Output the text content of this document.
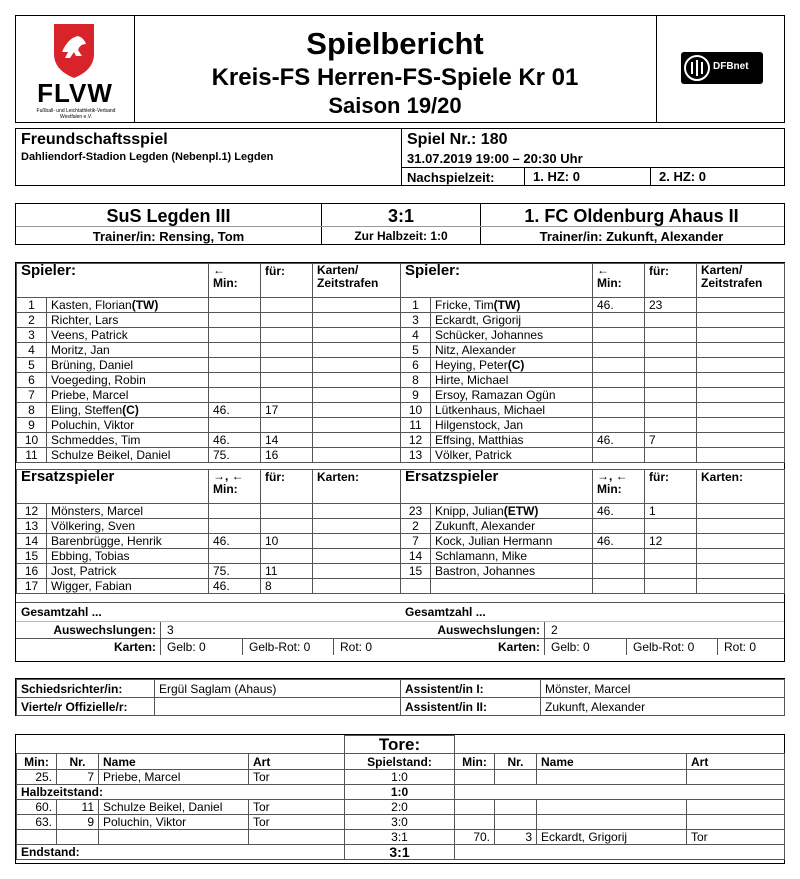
FLVW
Fußball- und Leichtathletik-Verband Westfalen e.V.
Spielbericht
Kreis-FS Herren-FS-Spiele Kr 01
Saison 19/20
DFBnet
Freundschaftsspiel
Dahliendorf-Stadion Legden (Nebenpl.1) Legden
Spiel Nr.: 180
31.07.2019 19:00 – 20:30 Uhr
Nachspielzeit:	1. HZ: 0	2. HZ: 0
SuS Legden III
Trainer/in: Rensing, Tom
3:1
Zur Halbzeit: 1:0
1. FC Oldenburg Ahaus II
Trainer/in: Zukunft, Alexander
Spieler:		←
Min:	für:	Karten/
Zeitstrafen
1	Kasten, Florian(TW)			
2	Richter, Lars			
3	Veens, Patrick			
4	Moritz, Jan			
5	Brüning, Daniel			
6	Voegeding, Robin			
7	Priebe, Marcel			
8	Eling, Steffen(C)	46.	17	
9	Poluchin, Viktor			
10	Schmeddes, Tim	46.	14	
11	Schulze Beikel, Daniel	75.	16	

Ersatzspieler		→, ←
Min:	für:	Karten:
12	Mönsters, Marcel			
13	Völkering, Sven			
14	Barenbrügge, Henrik	46.	10	
15	Ebbing, Tobias			
16	Jost, Patrick	75.	11	
17	Wigger, Fabian	46.	8	

Gesamtzahl ...
Auswechslungen: 3
Karten: Gelb: 0	Gelb-Rot: 0	Rot: 0
Spieler:		←
Min:	für:	Karten/
Zeitstrafen
1	Fricke, Tim(TW)	46.	23	
3	Eckardt, Grigorij			
4	Schücker, Johannes			
5	Nitz, Alexander			
6	Heying, Peter(C)			
8	Hirte, Michael			
9	Ersoy, Ramazan Ogün			
10	Lütkenhaus, Michael			
11	Hilgenstock, Jan			
12	Effsing, Matthias	46.	7	
13	Völker, Patrick			

Ersatzspieler		→, ←
Min:	für:	Karten:
23	Knipp, Julian(ETW)	46.	1	
2	Zukunft, Alexander			
7	Kock, Julian Hermann	46.	12	
14	Schlamann, Mike			
15	Bastron, Johannes			

Gesamtzahl ...
Auswechslungen: 2
Karten: Gelb: 0	Gelb-Rot: 0	Rot: 0
Schiedsrichter/in:	Ergül Saglam (Ahaus)	Assistent/in I:	Mönster, Marcel
Vierte/r Offizielle/r:		Assistent/in II:	Zukunft, Alexander
				Tore:				
Min:	Nr.	Name	Art	Spielstand:	Min:	Nr.	Name	Art
25.	7	Priebe, Marcel	Tor	1:0				
Halbzeitstand:				1:0				
60.	11	Schulze Beikel, Daniel	Tor	2:0				
63.	9	Poluchin, Viktor	Tor	3:0				
				3:1	70.	3	Eckardt, Grigorij	Tor
Endstand:				3:1				
